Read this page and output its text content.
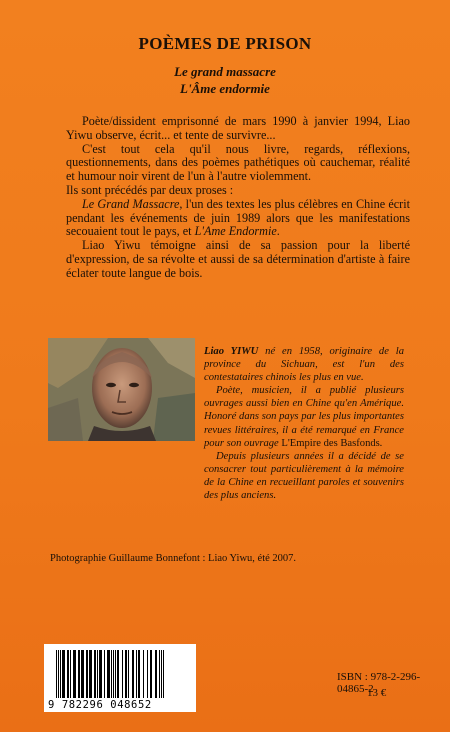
POÈMES DE PRISON
Le grand massacre
L'Âme endormie

Poète/dissident emprisonné de mars 1990 à janvier 1994, Liao Yiwu observe, écrit... et tente de survivre...

C'est tout cela qu'il nous livre, regards, réflexions, questionnements, dans des poèmes pathétiques où cauchemar, réalité et humour noir virent de l'un à l'autre violemment.

Ils sont précédés par deux proses :

Le Grand Massacre, l'un des textes les plus célèbres en Chine écrit pendant les événements de juin 1989 alors que les manifestations secouaient tout le pays, et L'Ame Endormie.

Liao Yiwu témoigne ainsi de sa passion pour la liberté d'expression, de sa révolte et aussi de sa détermination d'artiste à faire éclater toute langue de bois.

Liao YIWU né en 1958, originaire de la province du Sichuan, est l'un des contestataires chinois les plus en vue.

Poète, musicien, il a publié plusieurs ouvrages aussi bien en Chine qu'en Amérique. Honoré dans son pays par les plus importantes revues littéraires, il a été remarqué en France pour son ouvrage L'Empire des Basfonds.

Depuis plusieurs années il a décidé de se consacrer tout particulièrement à la mémoire de la Chine en recueillant paroles et souvenirs des plus anciens.

Photographie Guillaume Bonnefont : Liao Yiwu, été 2007.
9 782296 048652
ISBN : 978-2-296-04865-2
13 €
